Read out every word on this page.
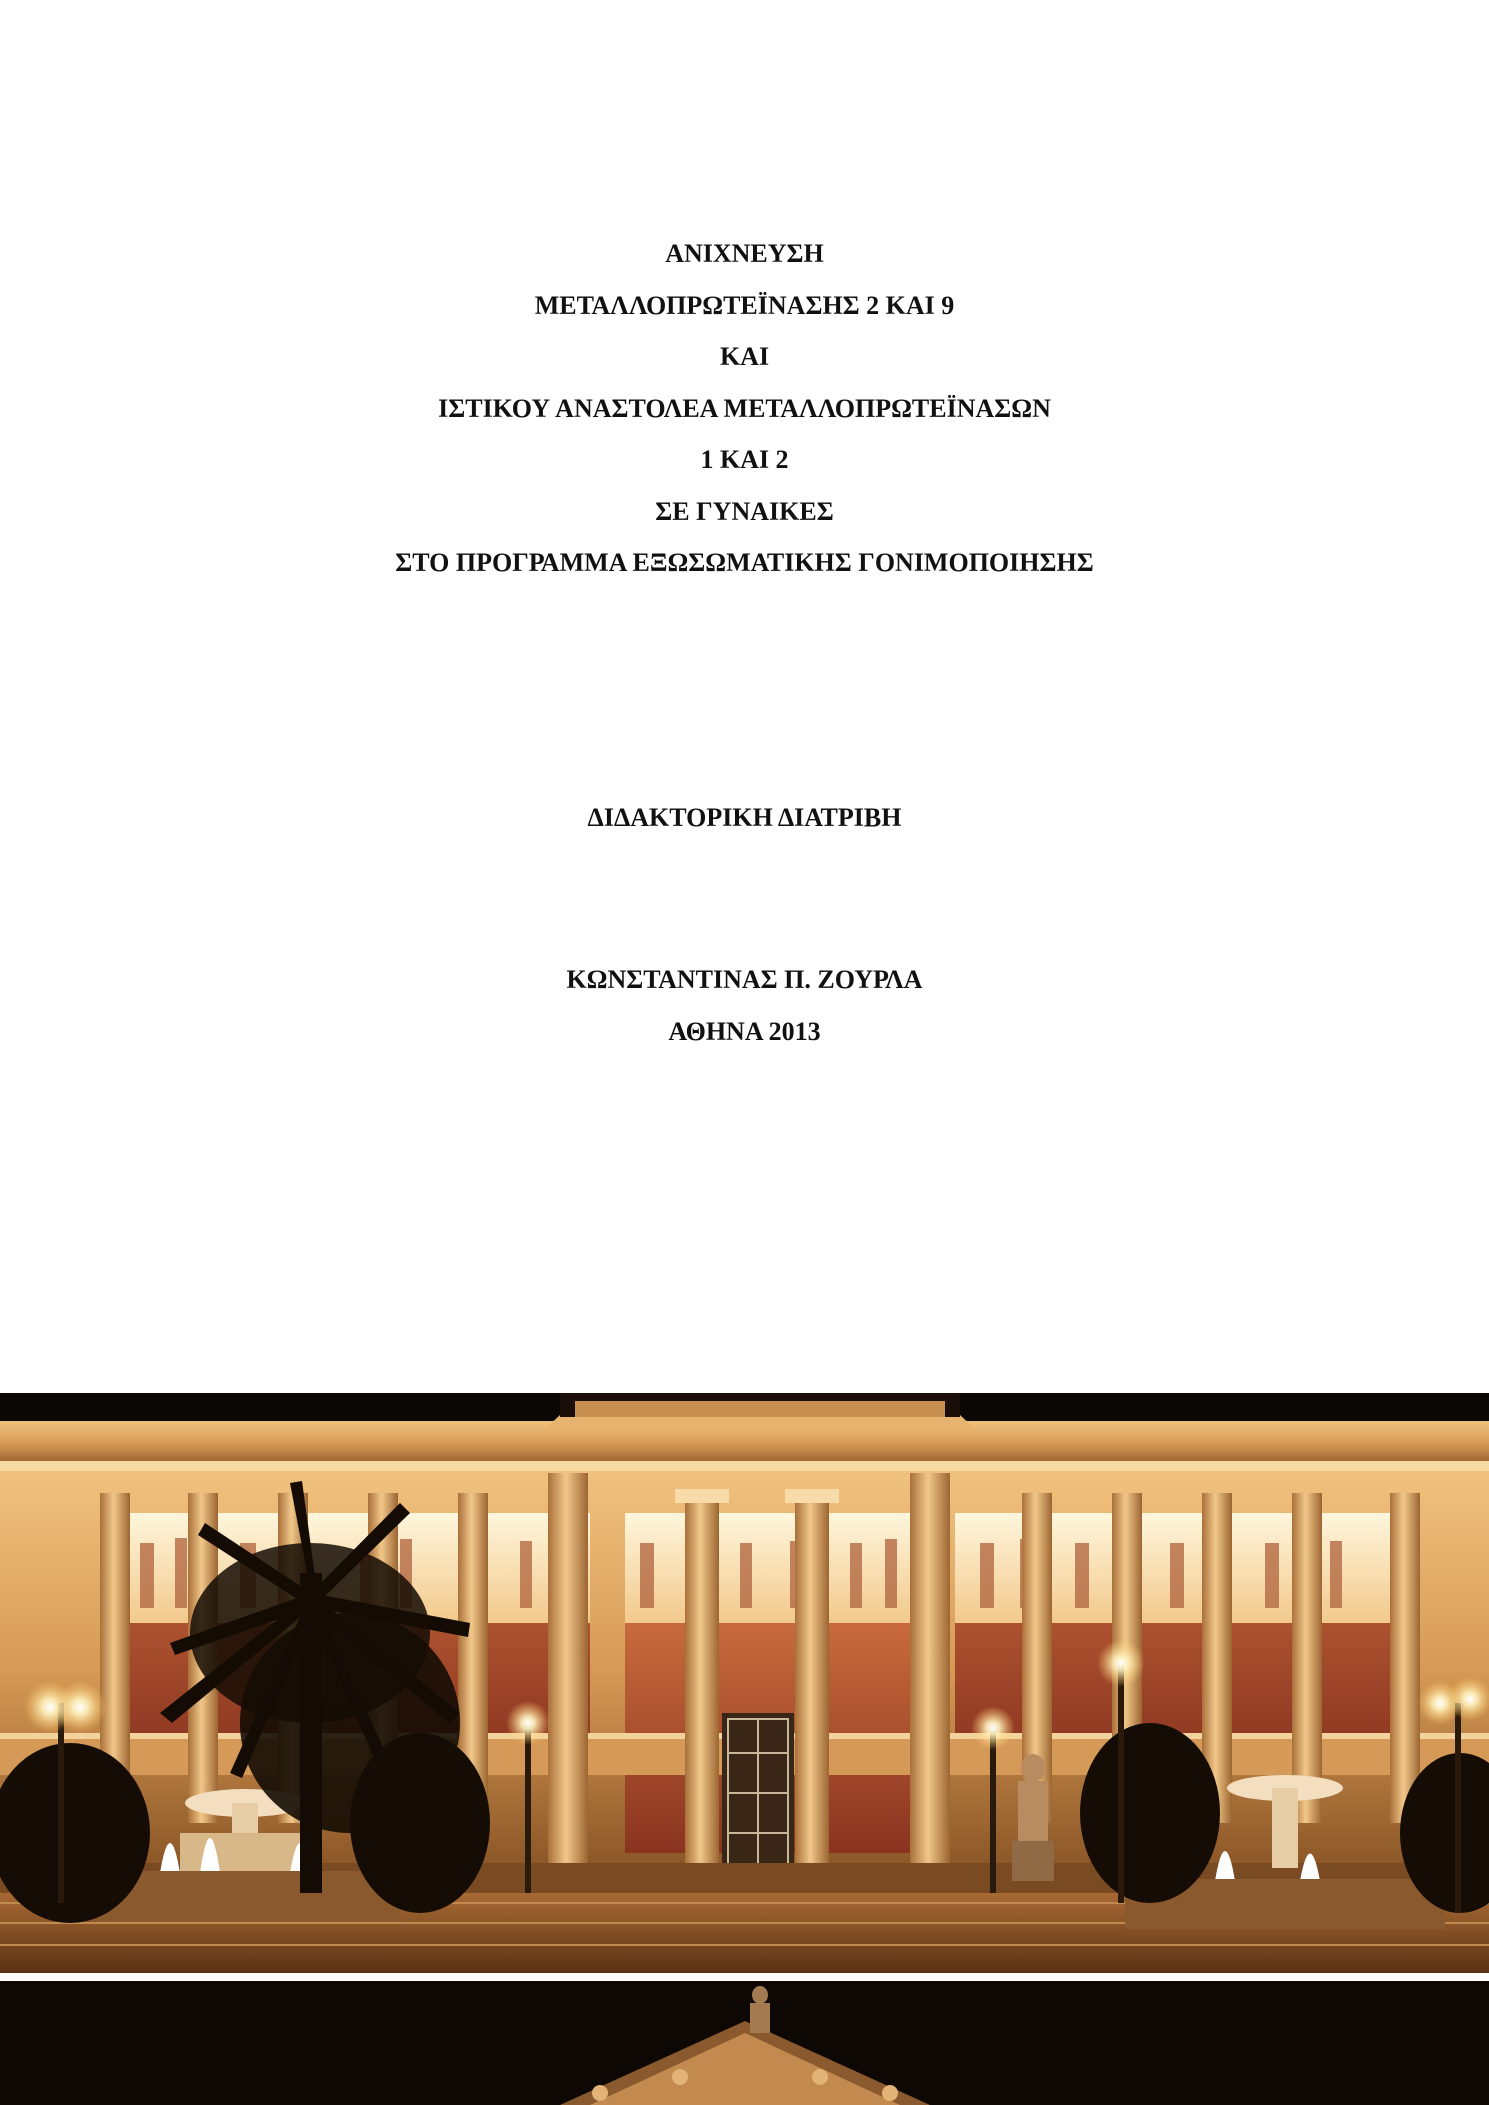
ΑΝΙΧΝΕΥΣΗ
ΜΕΤΑΛΛΟΠΡΩΤΕΪΝΑΣΗΣ 2 ΚΑΙ 9
ΚΑΙ
ΙΣΤΙΚΟΥ ΑΝΑΣΤΟΛΕΑ ΜΕΤΑΛΛΟΠΡΩΤΕΪΝΑΣΩΝ
1 ΚΑΙ 2
ΣΕ ΓΥΝΑΙΚΕΣ
ΣΤΟ ΠΡΟΓΡΑΜΜΑ ΕΞΩΣΩΜΑΤΙΚΗΣ ΓΟΝΙΜΟΠΟΙΗΣΗΣ
ΔΙΔΑΚΤΟΡΙΚΗ ΔΙΑΤΡΙΒΗ
ΚΩΝΣΤΑΝΤΙΝΑΣ Π. ΖΟΥΡΛΑ
ΑΘΗΝΑ 2013
